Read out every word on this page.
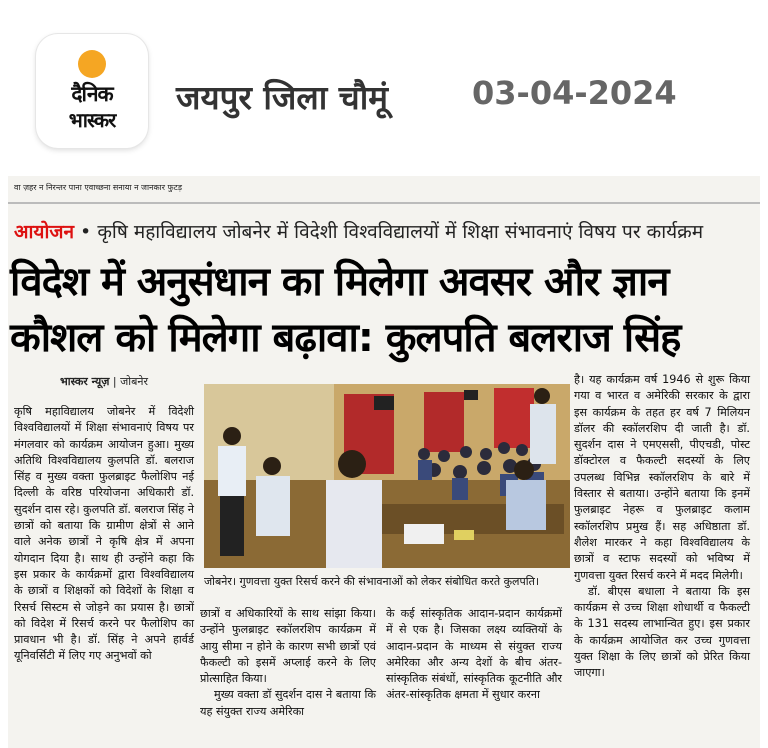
दैनिक
भास्कर
जयपुर जिला चौमूं	03-04-2024
वा ज़हर न निरन्तर पाना एवाच्छना सनाया न जानकार फुटड़
आयोजन • कृषि महाविद्यालय जोबनेर में विदेशी विश्वविद्यालयों में शिक्षा संभावनाएं विषय पर कार्यक्रम
विदेश में अनुसंधान का मिलेगा अवसर और ज्ञान
कौशल को मिलेगा बढ़ावा: कुलपति बलराज सिंह
भास्कर न्यूज़ | जोबनेर
जोबनेर। गुणवत्ता युक्त रिसर्च करने की संभावनाओं को लेकर संबोधित करते कुलपति।

कृषि महाविद्यालय जोबनेर में विदेशी विश्वविद्यालयों में शिक्षा संभावनाएं विषय पर मंगलवार को कार्यक्रम आयोजन हुआ। मुख्य अतिथि विश्वविद्यालय कुलपति डॉ. बलराज सिंह व मुख्य वक्ता फुलब्राइट फैलोशिप नई दिल्ली के वरिष्ठ परियोजना अधिकारी डॉ. सुदर्शन दास रहे। कुलपति डॉ. बलराज सिंह ने छात्रों को बताया कि ग्रामीण क्षेत्रों से आने वाले अनेक छात्रों ने कृषि क्षेत्र में अपना योगदान दिया है। साथ ही उन्होंने कहा कि इस प्रकार के कार्यक्रमों द्वारा विश्वविद्यालय के छात्रों व शिक्षकों को विदेशों के शिक्षा व रिसर्च सिस्टम से जोड़ने का प्रयास है। छात्रों को विदेश में रिसर्च करने पर फैलोशिप का प्रावधान भी है। डॉ. सिंह ने अपने हार्वर्ड यूनिवर्सिटी में लिए गए अनुभवों को

छात्रों व अधिकारियों के साथ सांझा किया। उन्होंने फुलब्राइट स्कॉलरशिप कार्यक्रम में आयु सीमा न होने के कारण सभी छात्रों एवं फैकल्टी को इसमें अप्लाई करने के लिए प्रोत्साहित किया।

मुख्य वक्ता डॉ सुदर्शन दास ने बताया कि यह संयुक्त राज्य अमेरिका

के कई सांस्कृतिक आदान-प्रदान कार्यक्रमों में से एक है। जिसका लक्ष्य व्यक्तियों के आदान-प्रदान के माध्यम से संयुक्त राज्य अमेरिका और अन्य देशों के बीच अंतर-सांस्कृतिक संबंधों, सांस्कृतिक कूटनीति और अंतर-सांस्कृतिक क्षमता में सुधार करना

है। यह कार्यक्रम वर्ष 1946 से शुरू किया गया व भारत व अमेरिकी सरकार के द्वारा इस कार्यक्रम के तहत हर वर्ष 7 मिलियन डॉलर की स्कॉलरशिप दी जाती है। डॉ. सुदर्शन दास ने एमएससी, पीएचडी, पोस्ट डॉक्टोरल व फैकल्टी सदस्यों के लिए उपलब्ध विभिन्न स्कॉलरशिप के बारे में विस्तार से बताया। उन्होंने बताया कि इनमें फुलब्राइट नेहरू व फुलब्राइट कलाम स्कॉलरशिप प्रमुख हैं। सह अधिष्ठाता डॉ. शैलेश मारकर ने कहा विश्वविद्यालय के छात्रों व स्टाफ सदस्यों को भविष्य में गुणवत्ता युक्त रिसर्च करने में मदद मिलेगी।

डॉ. बीएस बधाला ने बताया कि इस कार्यक्रम से उच्च शिक्षा शोधार्थी व फैकल्टी के 131 सदस्य लाभान्वित हुए। इस प्रकार के कार्यक्रम आयोजित कर उच्च गुणवत्ता युक्त शिक्षा के लिए छात्रों को प्रेरित किया जाएगा।
